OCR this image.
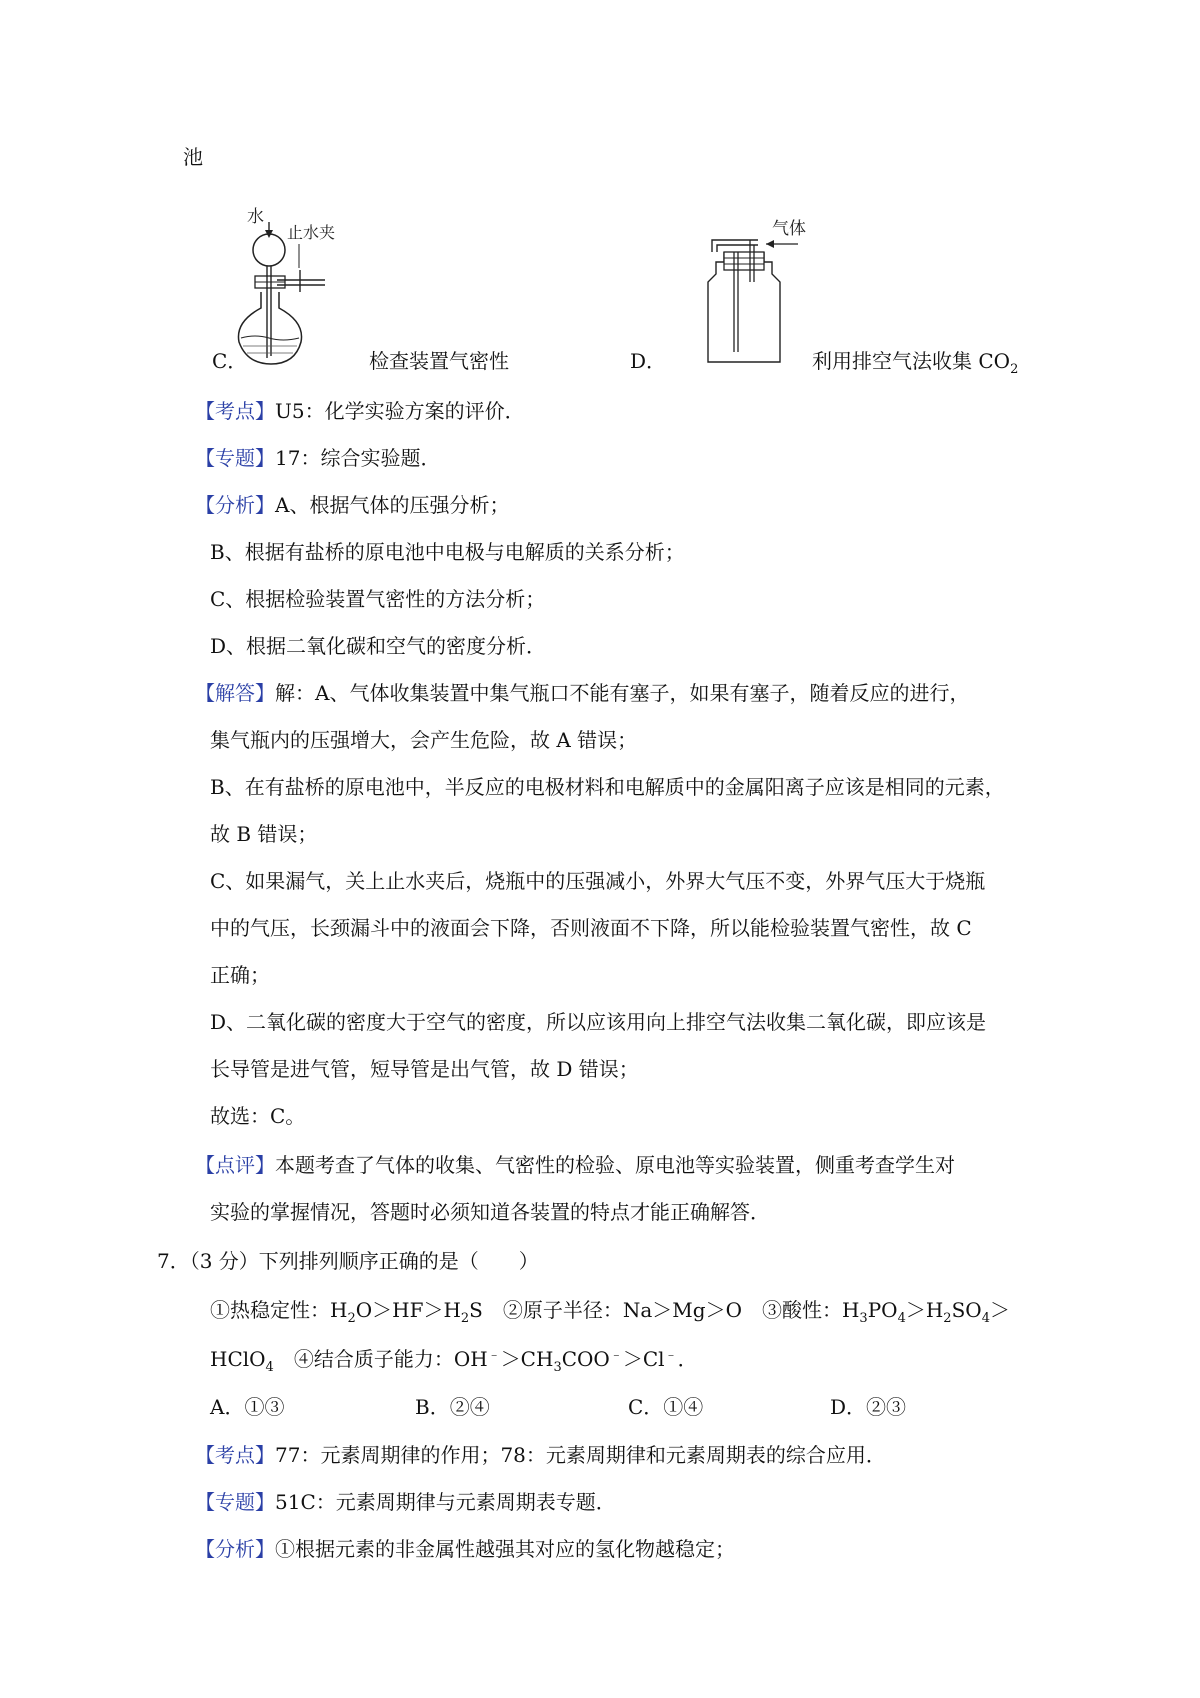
池
水
止水夹
C．	检查装置气密性
气体
D．	利用排空气法收集 $CO_2$
【考点】U5：化学实验方案的评价．
【专题】17：综合实验题．
【分析】A、根据气体的压强分析；
B、根据有盐桥的原电池中电极与电解质的关系分析；
C、根据检验装置气密性的方法分析；
D、根据二氧化碳和空气的密度分析．
【解答】解：A、气体收集装置中集气瓶口不能有塞子，如果有塞子，随着反应的进行，
集气瓶内的压强增大，会产生危险，故 A 错误；
B、在有盐桥的原电池中，半反应的电极材料和电解质中的金属阳离子应该是相同的元素，
故 B 错误；
C、如果漏气，关上止水夹后，烧瓶中的压强减小，外界大气压不变，外界气压大于烧瓶
中的气压，长颈漏斗中的液面会下降，否则液面不下降，所以能检验装置气密性，故 C
正确；
D、二氧化碳的密度大于空气的密度，所以应该用向上排空气法收集二氧化碳，即应该是
长导管是进气管，短导管是出气管，故 D 错误；
故选：C。
【点评】本题考查了气体的收集、气密性的检验、原电池等实验装置，侧重考查学生对
实验的掌握情况，答题时必须知道各装置的特点才能正确解答．
7．（3 分）下列排列顺序正确的是（　　）
①热稳定性：$H_2O>HF>H_2S$　②原子半径：Na＞Mg＞O　③酸性：$H_3PO_4>H_2SO_4>$
HClO$_4$　④结合质子能力：$OH^﹣>CH_3COO^﹣>Cl^﹣$．
A．①③	B．②④	C．①④	D．②③
【考点】77：元素周期律的作用；78：元素周期律和元素周期表的综合应用．
【专题】51C：元素周期律与元素周期表专题．
【分析】①根据元素的非金属性越强其对应的氢化物越稳定；
